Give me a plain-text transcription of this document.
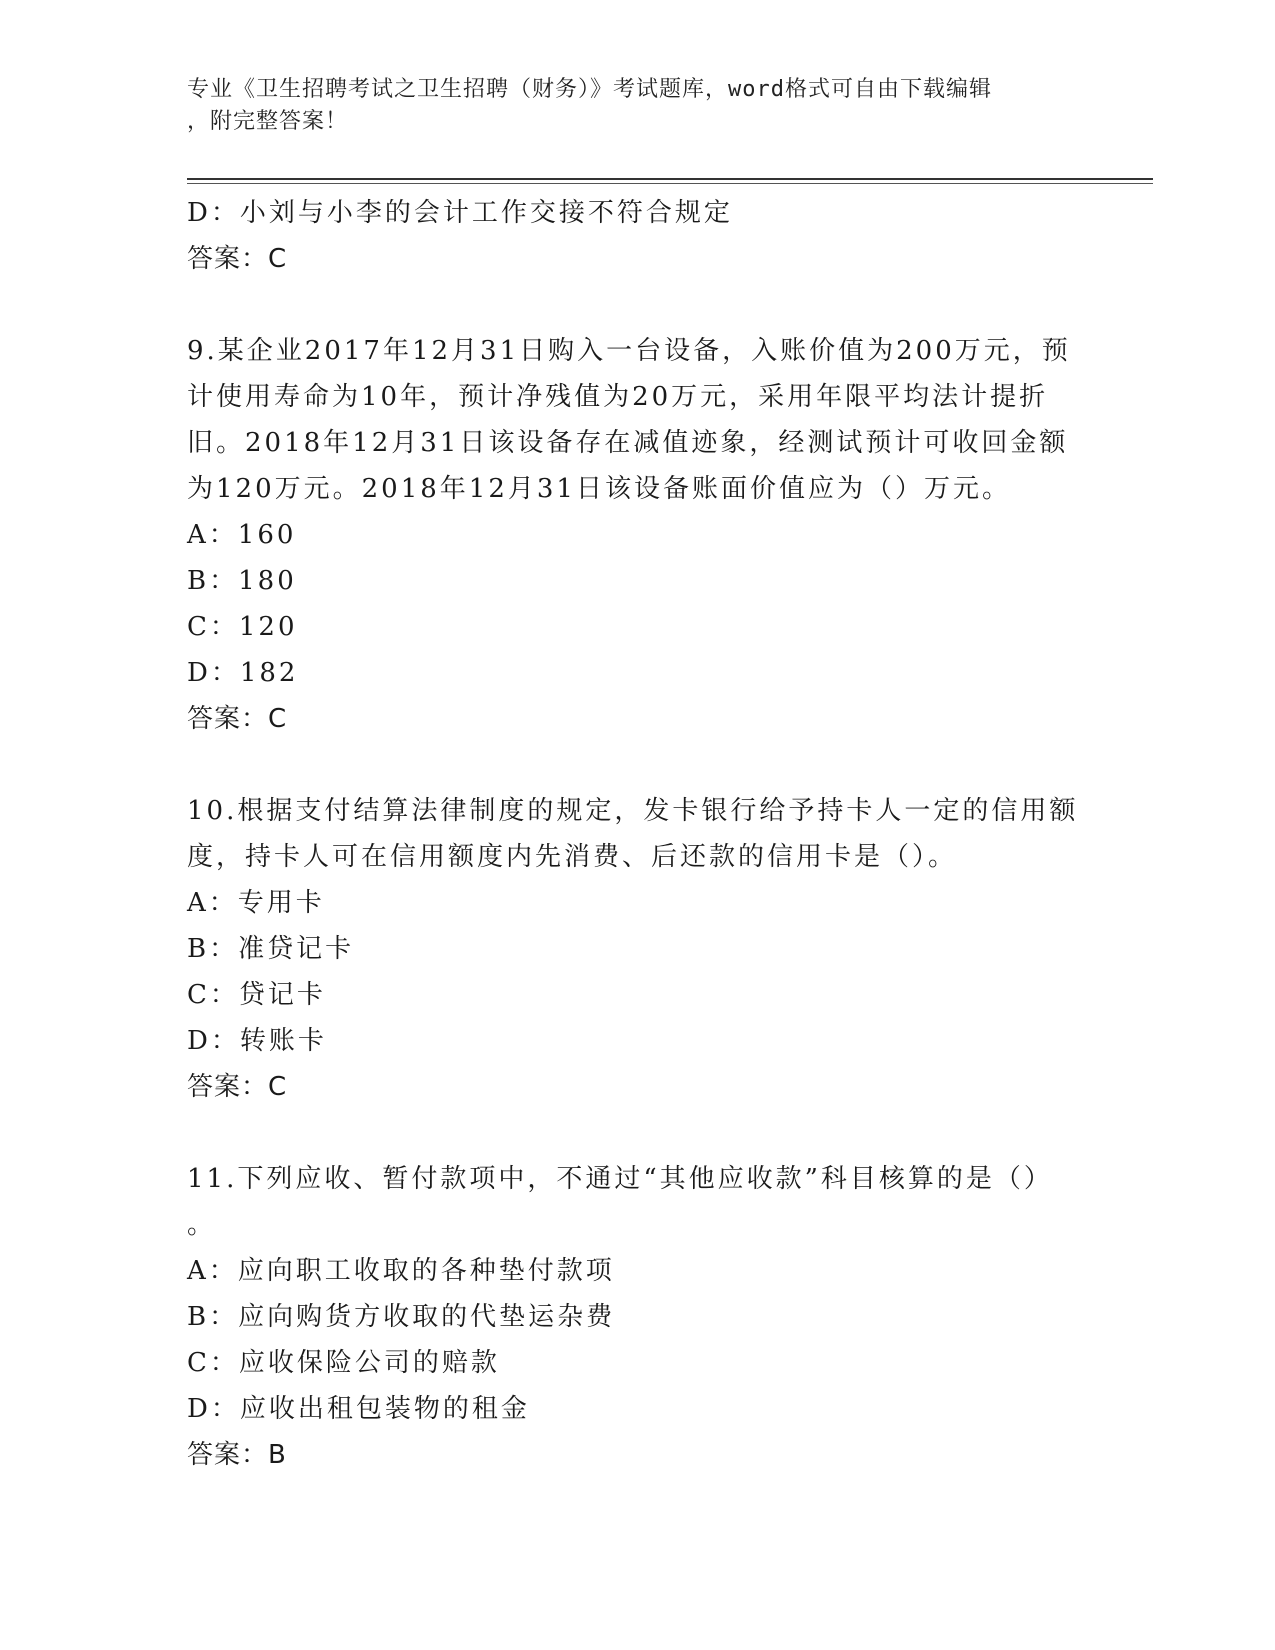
专业《卫生招聘考试之卫生招聘（财务）》考试题库，word格式可自由下载编辑
，附完整答案！
D：小刘与小李的会计工作交接不符合规定
答案：C
9.某企业2017年12月31日购入一台设备，入账价值为200万元，预
计使用寿命为10年，预计净残值为20万元，采用年限平均法计提折
旧。2018年12月31日该设备存在减值迹象，经测试预计可收回金额
为120万元。2018年12月31日该设备账面价值应为（）万元。
A：160
B：180
C：120
D：182
答案：C
10.根据支付结算法律制度的规定，发卡银行给予持卡人一定的信用额
度，持卡人可在信用额度内先消费、后还款的信用卡是（）。
A：专用卡
B：准贷记卡
C：贷记卡
D：转账卡
答案：C
11.下列应收、暂付款项中，不通过“其他应收款”科目核算的是（）
。
A：应向职工收取的各种垫付款项
B：应向购货方收取的代垫运杂费
C：应收保险公司的赔款
D：应收出租包装物的租金
答案：B
